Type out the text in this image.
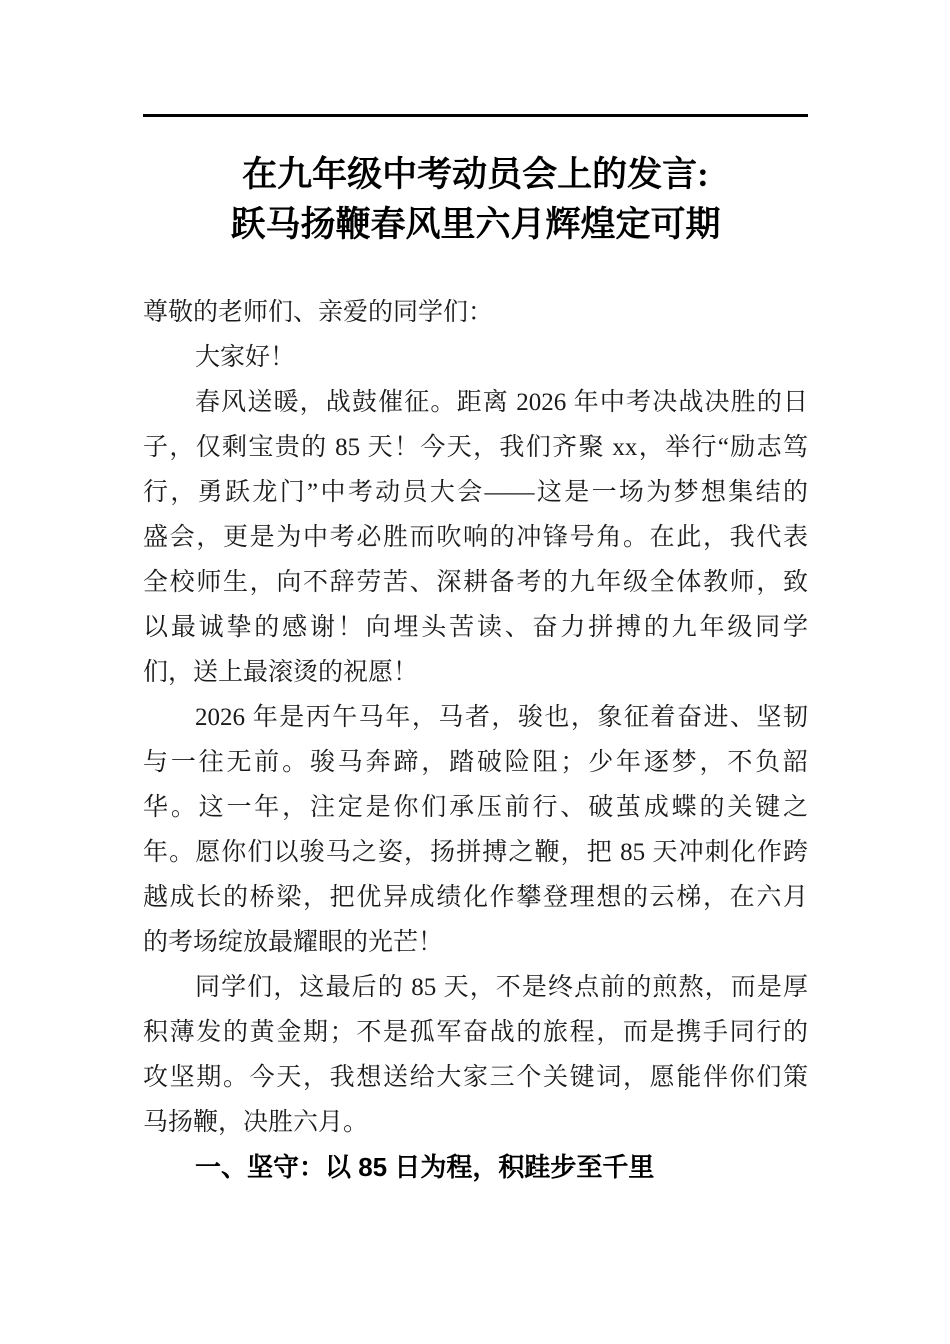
在九年级中考动员会上的发言:
跃马扬鞭春风里六月辉煌定可期
尊敬的老师们、亲爱的同学们：
大家好！
春风送暖，战鼓催征。距离 2026 年中考决战决胜的日
子，仅剩宝贵的 85 天！今天，我们齐聚 xx，举行“励志笃
行，勇跃龙门”中考动员大会——这是一场为梦想集结的
盛会，更是为中考必胜而吹响的冲锋号角。在此，我代表
全校师生，向不辞劳苦、深耕备考的九年级全体教师，致
以最诚挚的感谢！向埋头苦读、奋力拼搏的九年级同学
们，送上最滚烫的祝愿！
2026 年是丙午马年，马者，骏也，象征着奋进、坚韧
与一往无前。骏马奔蹄，踏破险阻；少年逐梦，不负韶
华。这一年，注定是你们承压前行、破茧成蝶的关键之
年。愿你们以骏马之姿，扬拼搏之鞭，把 85 天冲刺化作跨
越成长的桥梁，把优异成绩化作攀登理想的云梯，在六月
的考场绽放最耀眼的光芒！
同学们，这最后的 85 天，不是终点前的煎熬，而是厚
积薄发的黄金期；不是孤军奋战的旅程，而是携手同行的
攻坚期。今天，我想送给大家三个关键词，愿能伴你们策
马扬鞭，决胜六月。
一、坚守：以 85 日为程，积跬步至千里
